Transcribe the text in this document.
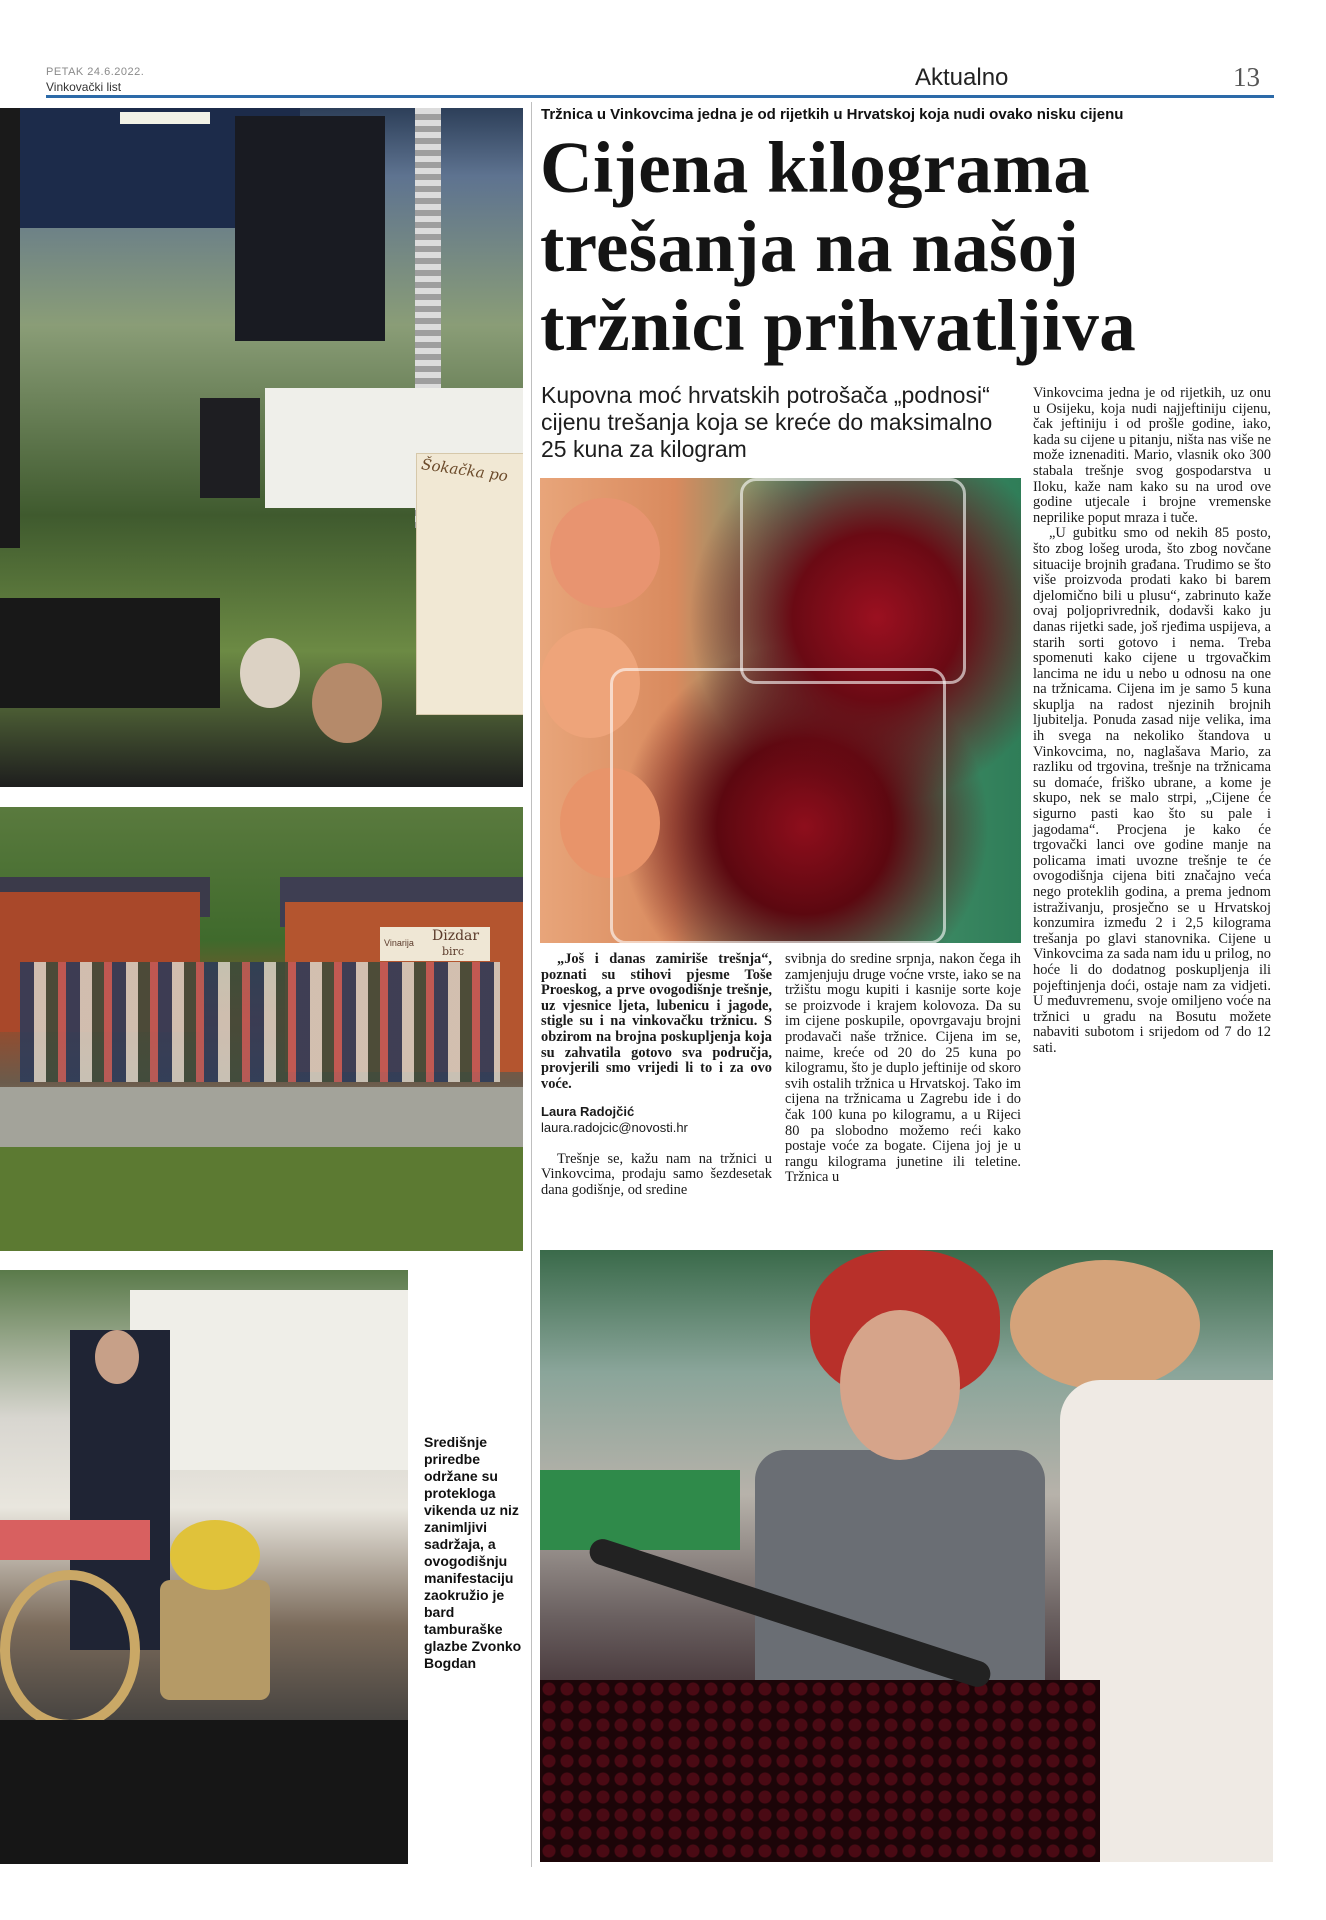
PETAK 24.6.2022.
Vinkovački list	Aktualno	13
Šokačka po
Vinarija Dizdar
birc
Središnje priredbe održane su protekloga vikenda uz niz zanimljivi sadržaja, a ovogodišnju manifestaciju zaokružio je bard tamburaške glazbe Zvonko Bogdan
Tržnica u Vinkovcima jedna je od rijetkih u Hrvatskoj koja nudi ovako nisku cijenu
Cijena kilograma
trešanja na našoj
tržnici prihvatljiva
Kupovna moć hrvatskih potrošača „podnosi“ cijenu trešanja koja se kreće do maksimalno 25 kuna za kilogram

Vinkovcima jedna je od rijetkih, uz onu u Osijeku, koja nudi najjeftiniju cijenu, čak jeftiniju i od prošle godine, iako, kada su cijene u pitanju, ništa nas više ne može iznenaditi. Mario, vlasnik oko 300 stabala trešnje svog gospodarstva u Iloku, kaže nam kako su na urod ove godine utjecale i brojne vremenske neprilike poput mraza i tuče.

„U gubitku smo od nekih 85 posto, što zbog lošeg uroda, što zbog novčane situacije brojnih građana. Trudimo se što više proizvoda prodati kako bi barem djelomično bili u plusu“, zabrinuto kaže ovaj poljoprivrednik, dodavši kako ju danas rijetki sade, još rjeđima uspijeva, a starih sorti gotovo i nema. Treba spomenuti kako cijene u trgovačkim lancima ne idu u nebo u odnosu na one na tržnicama. Cijena im je samo 5 kuna skuplja na radost njezinih brojnih ljubitelja. Ponuda zasad nije velika, ima ih svega na nekoliko štandova u Vinkovcima, no, naglašava Mario, za razliku od trgovina, trešnje na tržnicama su domaće, friško ubrane, a kome je skupo, nek se malo strpi, „Cijene će sigurno pasti kao što su pale i jagodama“. Procjena je kako će trgovački lanci ove godine manje na policama imati uvozne trešnje te će ovogodišnja cijena biti značajno veća nego proteklih godina, a prema jednom istraživanju, prosječno se u Hrvatskoj konzumira između 2 i 2,5 kilograma trešanja po glavi stanovnika. Cijene u Vinkovcima za sada nam idu u prilog, no hoće li do dodatnog poskupljenja ili pojeftinjenja doći, ostaje nam za vidjeti. U međuvremenu, svoje omiljeno voće na tržnici u gradu na Bosutu možete nabaviti subotom i srijedom od 7 do 12 sati.

„Još i danas zamiriše trešnja“, poznati su stihovi pjesme Toše Proeskog, a prve ovogodišnje trešnje, uz vjesnice ljeta, lubenicu i jagode, stigle su i na vinkovačku tržnicu. S obzirom na brojna poskupljenja koja su zahvatila gotovo sva područja, provjerili smo vrijedi li to i za ovo voće.

Laura Radojčić
laura.radojcic@novosti.hr

Trešnje se, kažu nam na tržnici u Vinkovcima, prodaju samo šezdesetak dana godišnje, od sredine

svibnja do sredine srpnja, nakon čega ih zamjenjuju druge voćne vrste, iako se na tržištu mogu kupiti i kasnije sorte koje se proizvode i krajem kolovoza. Da su im cijene poskupile, opovrgavaju brojni prodavači naše tržnice. Cijena im se, naime, kreće od 20 do 25 kuna po kilogramu, što je duplo jeftinije od skoro svih ostalih tržnica u Hrvatskoj. Tako im cijena na tržnicama u Zagrebu ide i do čak 100 kuna po kilogramu, a u Rijeci 80 pa slobodno možemo reći kako postaje voće za bogate. Cijena joj je u rangu kilograma junetine ili teletine. Tržnica u
